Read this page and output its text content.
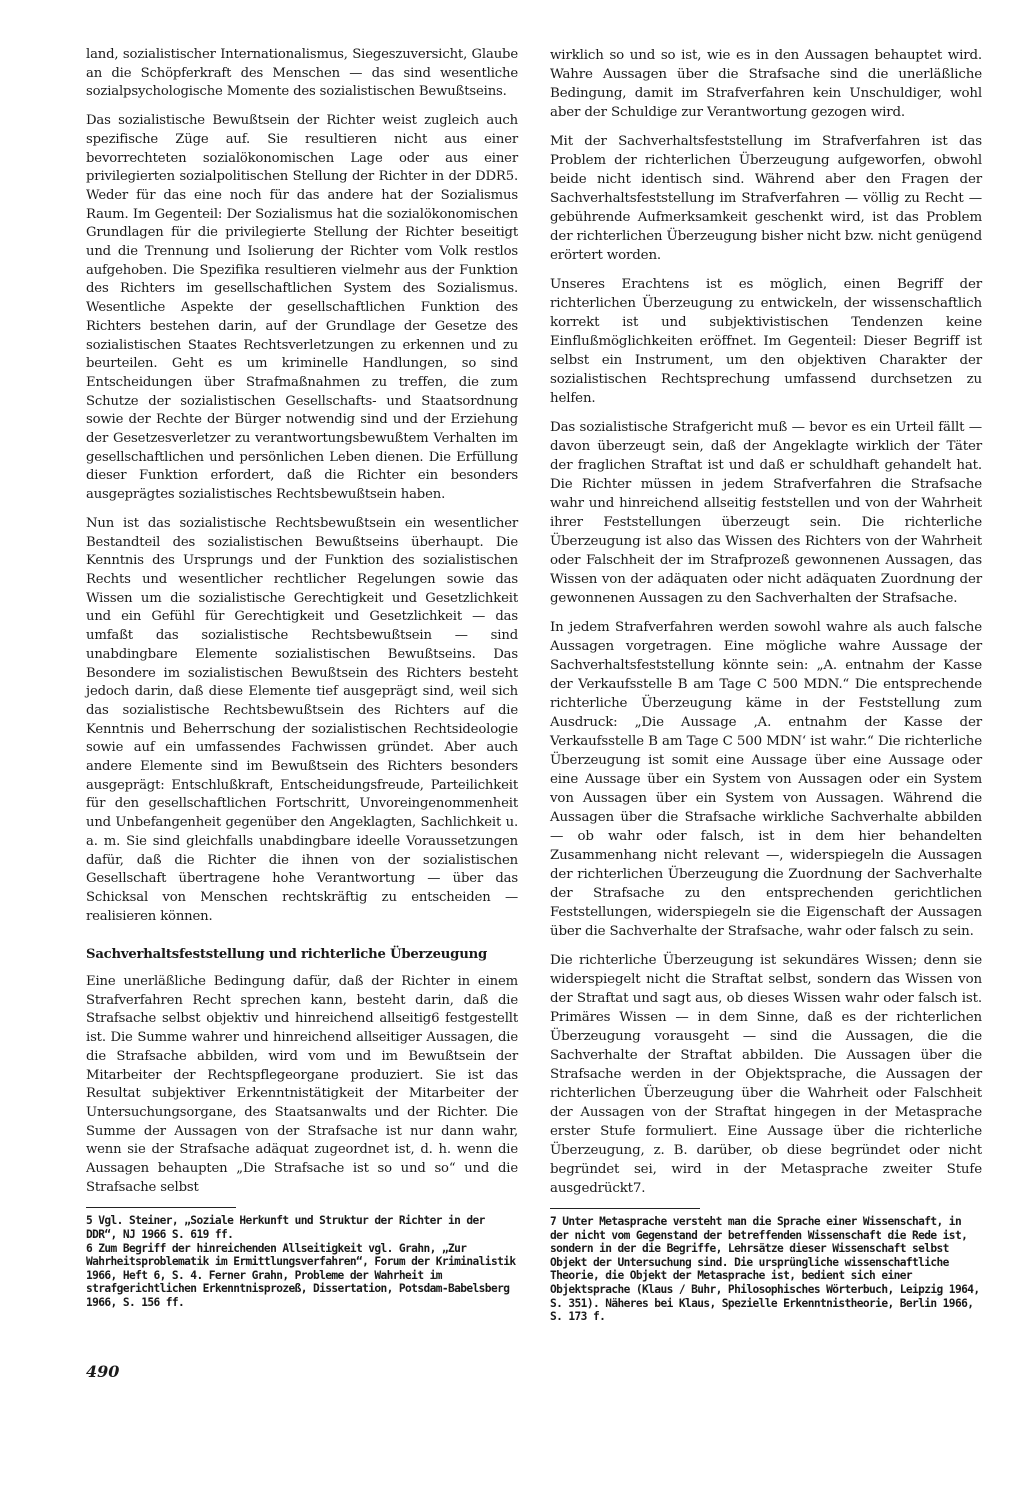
land, sozialistischer Internationalismus, Siegeszuversicht, Glaube an die Schöpferkraft des Menschen — das sind wesentliche sozialpsychologische Momente des sozialistischen Bewußtseins.

Das sozialistische Bewußtsein der Richter weist zugleich auch spezifische Züge auf. Sie resultieren nicht aus einer bevorrechteten sozialökonomischen Lage oder aus einer privilegierten sozialpolitischen Stellung der Richter in der DDR5. Weder für das eine noch für das andere hat der Sozialismus Raum. Im Gegenteil: Der Sozialismus hat die sozialökonomischen Grundlagen für die privilegierte Stellung der Richter beseitigt und die Trennung und Isolierung der Richter vom Volk restlos aufgehoben. Die Spezifika resultieren vielmehr aus der Funktion des Richters im gesellschaftlichen System des Sozialismus. Wesentliche Aspekte der gesellschaftlichen Funktion des Richters bestehen darin, auf der Grundlage der Gesetze des sozialistischen Staates Rechtsverletzungen zu erkennen und zu beurteilen. Geht es um kriminelle Handlungen, so sind Entscheidungen über Strafmaßnahmen zu treffen, die zum Schutze der sozialistischen Gesellschafts- und Staatsordnung sowie der Rechte der Bürger notwendig sind und der Erziehung der Gesetzesverletzer zu verantwortungsbewußtem Verhalten im gesellschaftlichen und persönlichen Leben dienen. Die Erfüllung dieser Funktion erfordert, daß die Richter ein besonders ausgeprägtes sozialistisches Rechtsbewußtsein haben.

Nun ist das sozialistische Rechtsbewußtsein ein wesentlicher Bestandteil des sozialistischen Bewußtseins überhaupt. Die Kenntnis des Ursprungs und der Funktion des sozialistischen Rechts und wesentlicher rechtlicher Regelungen sowie das Wissen um die sozialistische Gerechtigkeit und Gesetzlichkeit und ein Gefühl für Gerechtigkeit und Gesetzlichkeit — das umfaßt das sozialistische Rechtsbewußtsein — sind unabdingbare Elemente sozialistischen Bewußtseins. Das Besondere im sozialistischen Bewußtsein des Richters besteht jedoch darin, daß diese Elemente tief ausgeprägt sind, weil sich das sozialistische Rechtsbewußtsein des Richters auf die Kenntnis und Beherrschung der sozialistischen Rechtsideologie sowie auf ein umfassendes Fachwissen gründet. Aber auch andere Elemente sind im Bewußtsein des Richters besonders ausgeprägt: Entschlußkraft, Entscheidungsfreude, Parteilichkeit für den gesellschaftlichen Fortschritt, Unvoreingenommenheit und Unbefangenheit gegenüber den Angeklagten, Sachlichkeit u. a. m. Sie sind gleichfalls unabdingbare ideelle Voraussetzungen dafür, daß die Richter die ihnen von der sozialistischen Gesellschaft übertragene hohe Verantwortung — über das Schicksal von Menschen rechtskräftig zu entscheiden — realisieren können.

Sachverhaltsfeststellung und richterliche Überzeugung

Eine unerläßliche Bedingung dafür, daß der Richter in einem Strafverfahren Recht sprechen kann, besteht darin, daß die Strafsache selbst objektiv und hinreichend allseitig6 festgestellt ist. Die Summe wahrer und hinreichend allseitiger Aussagen, die die Strafsache abbilden, wird vom und im Bewußtsein der Mitarbeiter der Rechtspflegeorgane produziert. Sie ist das Resultat subjektiver Erkenntnistätigkeit der Mitarbeiter der Untersuchungsorgane, des Staatsanwalts und der Richter. Die Summe der Aussagen von der Strafsache ist nur dann wahr, wenn sie der Strafsache adäquat zugeordnet ist, d. h. wenn die Aussagen behaupten „Die Strafsache ist so und so“ und die Strafsache selbst

5 Vgl. Steiner, „Soziale Herkunft und Struktur der Richter in der DDR“, NJ 1966 S. 619 ff.

6 Zum Begriff der hinreichenden Allseitigkeit vgl. Grahn, „Zur Wahrheitsproblematik im Ermittlungsverfahren“, Forum der Kriminalistik 1966, Heft 6, S. 4. Ferner Grahn, Probleme der Wahrheit im strafgerichtlichen Erkenntnisprozeß, Dissertation, Potsdam-Babelsberg 1966, S. 156 ff.

wirklich so und so ist, wie es in den Aussagen behauptet wird. Wahre Aussagen über die Strafsache sind die unerläßliche Bedingung, damit im Strafverfahren kein Unschuldiger, wohl aber der Schuldige zur Verantwortung gezogen wird.

Mit der Sachverhaltsfeststellung im Strafverfahren ist das Problem der richterlichen Überzeugung aufgeworfen, obwohl beide nicht identisch sind. Während aber den Fragen der Sachverhaltsfeststellung im Strafverfahren — völlig zu Recht — gebührende Aufmerksamkeit geschenkt wird, ist das Problem der richterlichen Überzeugung bisher nicht bzw. nicht genügend erörtert worden.

Unseres Erachtens ist es möglich, einen Begriff der richterlichen Überzeugung zu entwickeln, der wissenschaftlich korrekt ist und subjektivistischen Tendenzen keine Einflußmöglichkeiten eröffnet. Im Gegenteil: Dieser Begriff ist selbst ein Instrument, um den objektiven Charakter der sozialistischen Rechtsprechung umfassend durchsetzen zu helfen.

Das sozialistische Strafgericht muß — bevor es ein Urteil fällt — davon überzeugt sein, daß der Angeklagte wirklich der Täter der fraglichen Straftat ist und daß er schuldhaft gehandelt hat. Die Richter müssen in jedem Strafverfahren die Strafsache wahr und hinreichend allseitig feststellen und von der Wahrheit ihrer Feststellungen überzeugt sein. Die richterliche Überzeugung ist also das Wissen des Richters von der Wahrheit oder Falschheit der im Strafprozeß gewonnenen Aussagen, das Wissen von der adäquaten oder nicht adäquaten Zuordnung der gewonnenen Aussagen zu den Sachverhalten der Strafsache.

In jedem Strafverfahren werden sowohl wahre als auch falsche Aussagen vorgetragen. Eine mögliche wahre Aussage der Sachverhaltsfeststellung könnte sein: „A. entnahm der Kasse der Verkaufsstelle B am Tage C 500 MDN.“ Die entsprechende richterliche Überzeugung käme in der Feststellung zum Ausdruck: „Die Aussage ‚A. entnahm der Kasse der Verkaufsstelle B am Tage C 500 MDN‘ ist wahr.“ Die richterliche Überzeugung ist somit eine Aussage über eine Aussage oder eine Aussage über ein System von Aussagen oder ein System von Aussagen über ein System von Aussagen. Während die Aussagen über die Strafsache wirkliche Sachverhalte abbilden — ob wahr oder falsch, ist in dem hier behandelten Zusammenhang nicht relevant —, widerspiegeln die Aussagen der richterlichen Überzeugung die Zuordnung der Sachverhalte der Strafsache zu den entsprechenden gerichtlichen Feststellungen, widerspiegeln sie die Eigenschaft der Aussagen über die Sachverhalte der Strafsache, wahr oder falsch zu sein.

Die richterliche Überzeugung ist sekundäres Wissen; denn sie widerspiegelt nicht die Straftat selbst, sondern das Wissen von der Straftat und sagt aus, ob dieses Wissen wahr oder falsch ist. Primäres Wissen — in dem Sinne, daß es der richterlichen Überzeugung vorausgeht — sind die Aussagen, die die Sachverhalte der Straftat abbilden. Die Aussagen über die Strafsache werden in der Objektsprache, die Aussagen der richterlichen Überzeugung über die Wahrheit oder Falschheit der Aussagen von der Straftat hingegen in der Metasprache erster Stufe formuliert. Eine Aussage über die richterliche Überzeugung, z. B. darüber, ob diese begründet oder nicht begründet sei, wird in der Metasprache zweiter Stufe ausgedrückt7.

7 Unter Metasprache versteht man die Sprache einer Wissenschaft, in der nicht vom Gegenstand der betreffenden Wissenschaft die Rede ist, sondern in der die Begriffe, Lehrsätze dieser Wissenschaft selbst Objekt der Untersuchung sind. Die ursprüngliche wissenschaftliche Theorie, die Objekt der Metasprache ist, bedient sich einer Objektsprache (Klaus / Buhr, Philosophisches Wörterbuch, Leipzig 1964, S. 351). Näheres bei Klaus, Spezielle Erkenntnistheorie, Berlin 1966, S. 173 f.

490
